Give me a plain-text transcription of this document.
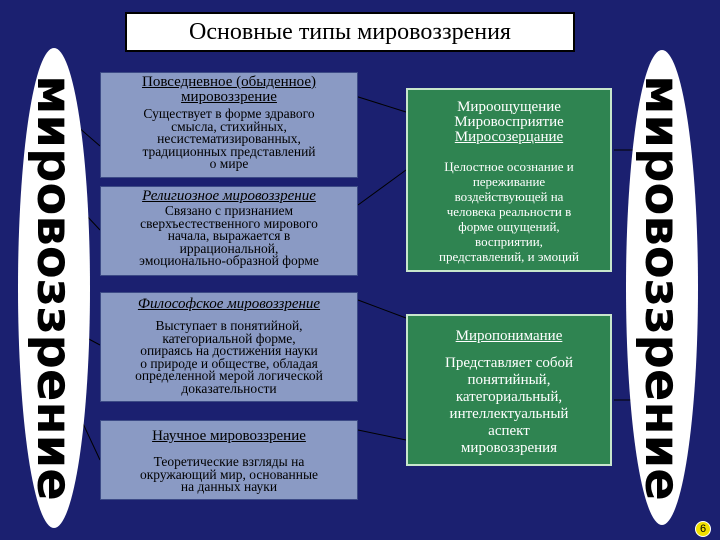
Основные типы мировоззрения
мировоззрение	мировоззрение
Повседневное (обыденное)
мировоззрение
Существует в форме здравого
смысла, стихийных,
несистематизированных,
традиционных представлений
о мире
Религиозное мировоззрение
Связано с признанием
сверхъестественного мирового
начала, выражается в
иррациональной,
эмоционально-образной форме
Философское мировоззрение
Выступает в понятийной,
категориальной форме,
опираясь на достижения науки
о природе и обществе, обладая
определенной мерой логической
доказательности
Научное мировоззрение
Теоретические взгляды на
окружающий мир, основанные
на данных науки
Мироощущение
Мировосприятие
Миросозерцание
Целостное осознание и
переживание
воздействующей на
человека реальности в
форме ощущений,
восприятии,
представлений, и эмоций
Миропонимание
Представляет собой
понятийный,
категориальный,
интеллектуальный
аспект
мировоззрения
6
